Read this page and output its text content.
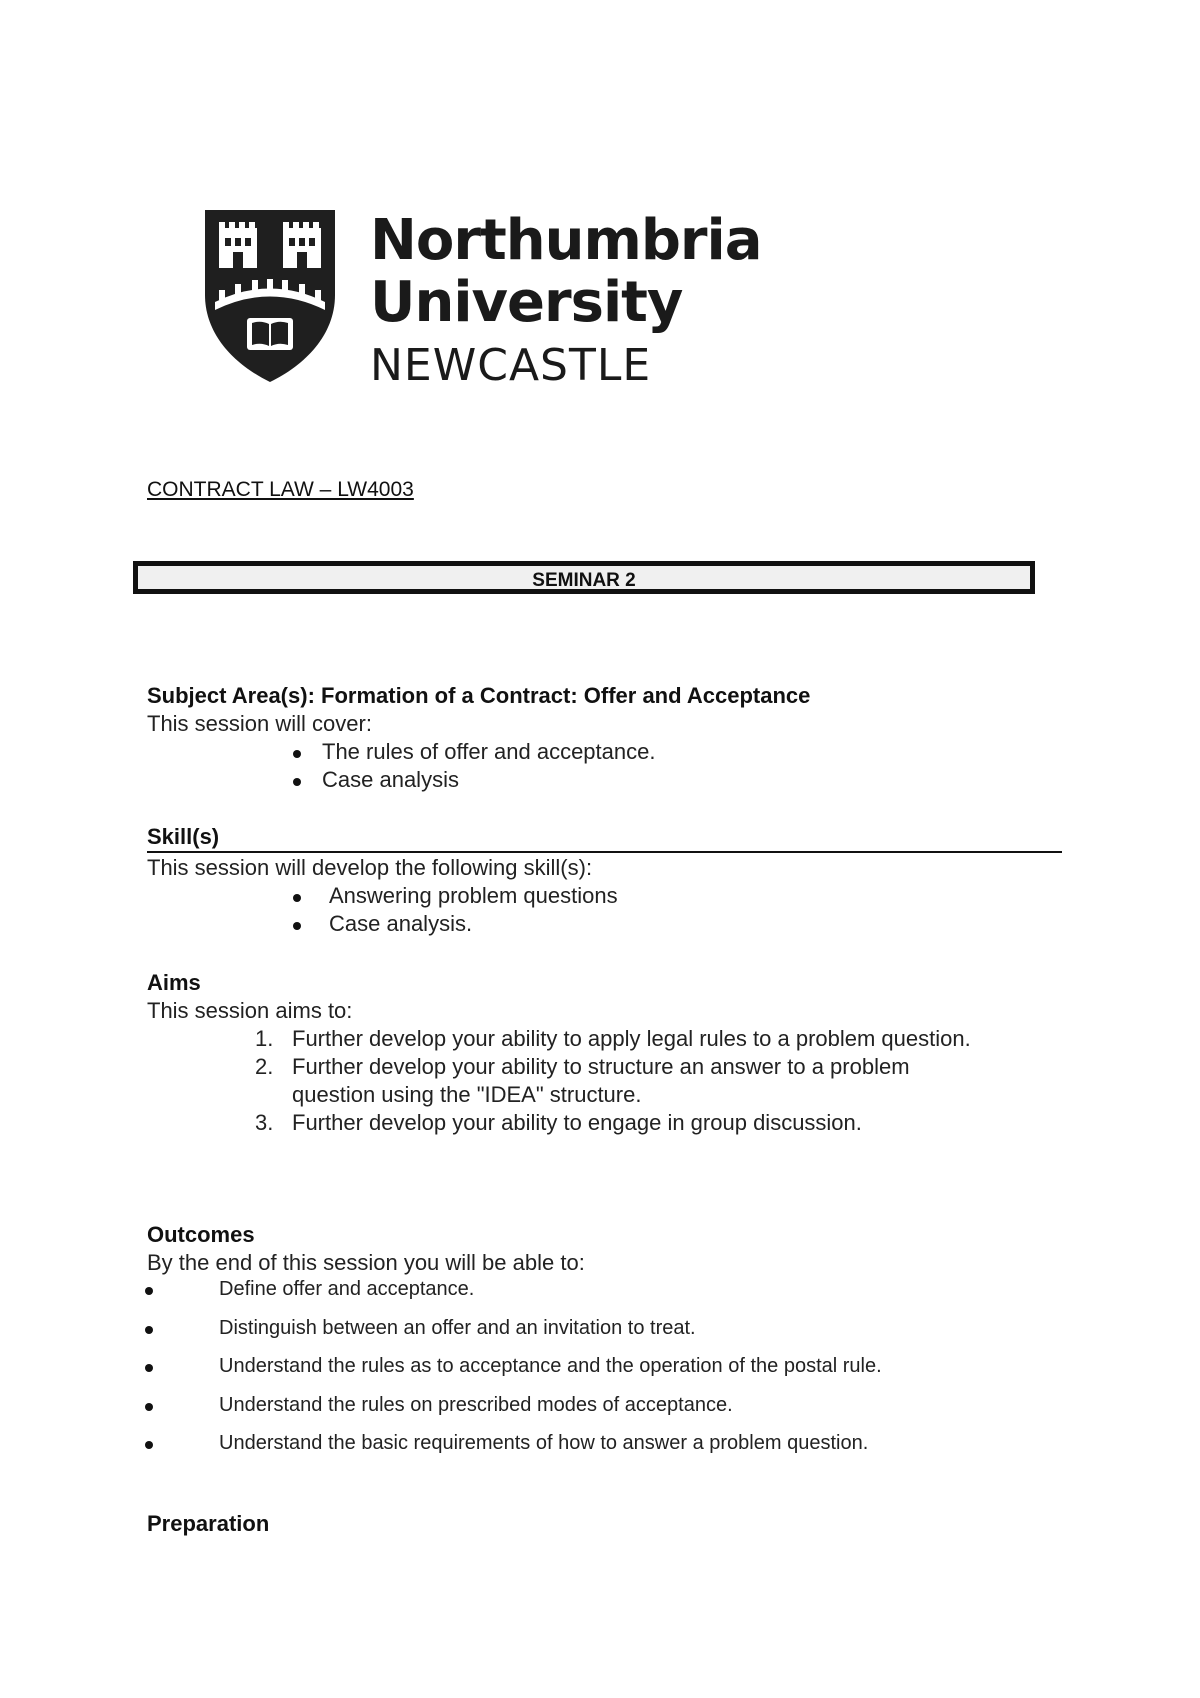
Northumbria
University
NEWCASTLE
CONTRACT LAW – LW4003
SEMINAR 2
Subject Area(s): Formation of a Contract: Offer and Acceptance
This session will cover:
The rules of offer and acceptance.
Case analysis
Skill(s)
This session will develop the following skill(s):
Answering problem questions
Case analysis.
Aims
This session aims to:
1. Further develop your ability to apply legal rules to a problem question.
2. Further develop your ability to structure an answer to a problem
question using the "IDEA" structure.
3. Further develop your ability to engage in group discussion.
Outcomes
By the end of this session you will be able to:
Define offer and acceptance.
Distinguish between an offer and an invitation to treat.
Understand the rules as to acceptance and the operation of the postal rule.
Understand the rules on prescribed modes of acceptance.
Understand the basic requirements of how to answer a problem question.
Preparation
